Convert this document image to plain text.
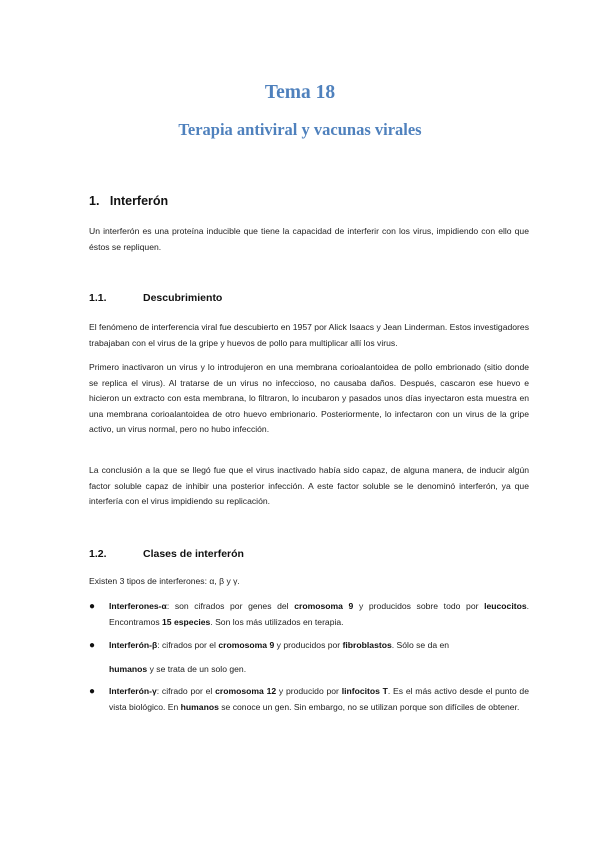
Tema 18
Terapia antiviral y vacunas virales
1.   Interferón

Un interferón es una proteína inducible que tiene la capacidad de interferir con los virus, impidiendo con ello que éstos se repliquen.

1.1.	Descubrimiento

El fenómeno de interferencia viral fue descubierto en 1957 por Alick Isaacs y Jean Linderman. Estos investigadores trabajaban con el virus de la gripe y huevos de pollo para multiplicar allí los virus.

Primero inactivaron un virus y lo introdujeron en una membrana corioalantoidea de pollo embrionado (sitio donde se replica el virus). Al tratarse de un virus no infeccioso, no causaba daños. Después, cascaron ese huevo e hicieron un extracto con esta membrana, lo filtraron, lo incubaron y pasados unos días inyectaron esta muestra en una membrana corioalantoidea de otro huevo embrionario. Posteriormente, lo infectaron con un virus de la gripe activo, un virus normal, pero no hubo infección.

La conclusión a la que se llegó fue que el virus inactivado había sido capaz, de alguna manera, de inducir algún factor soluble capaz de inhibir una posterior infección. A este factor soluble se le denominó interferón, ya que interfería con el virus impidiendo su replicación.

1.2.	Clases de interferón

Existen 3 tipos de interferones: α, β y γ.

● Interferones-α: son cifrados por genes del cromosoma 9 y producidos sobre todo por leucocitos. Encontramos 15 especies. Son los más utilizados en terapia.
● Interferón-β: cifrados por el cromosoma 9 y producidos por fibroblastos. Sólo se da en
humanos y se trata de un solo gen.
● Interferón-γ: cifrado por el cromosoma 12 y producido por linfocitos T. Es el más activo desde el punto de vista biológico. En humanos se conoce un gen. Sin embargo, no se utilizan porque son difíciles de obtener.
